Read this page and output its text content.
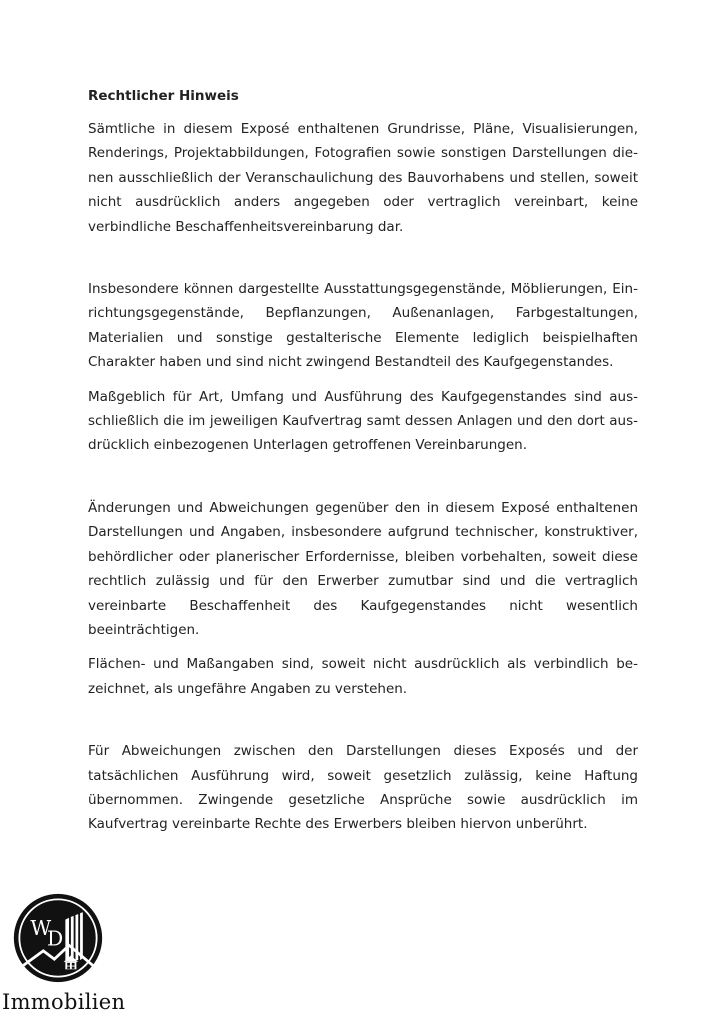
Rechtlicher Hinweis

Sämtliche in diesem Exposé enthaltenen Grundrisse, Pläne, Visualisierungen, Renderings, Projektabbildungen, Fotografien sowie sonstigen Darstellungen dienen ausschließlich der Veranschaulichung des Bauvorhabens und stellen, soweit nicht ausdrücklich anders angegeben oder vertraglich vereinbart, keine verbindliche Beschaffenheitsvereinbarung dar.

Insbesondere können dargestellte Ausstattungsgegenstände, Möblierungen, Einrichtungsgegenstände, Bepflanzungen, Außenanlagen, Farbgestaltungen, Materialien und sonstige gestalterische Elemente lediglich beispielhaften Charakter haben und sind nicht zwingend Bestandteil des Kaufgegenstandes.

Maßgeblich für Art, Umfang und Ausführung des Kaufgegenstandes sind ausschließlich die im jeweiligen Kaufvertrag samt dessen Anlagen und den dort ausdrücklich einbezogenen Unterlagen getroffenen Vereinbarungen.

Änderungen und Abweichungen gegenüber den in diesem Exposé enthaltenen Darstellungen und Angaben, insbesondere aufgrund technischer, konstruktiver, behördlicher oder planerischer Erfordernisse, bleiben vorbehalten, soweit diese rechtlich zulässig und für den Erwerber zumutbar sind und die vertraglich vereinbarte Beschaffenheit des Kaufgegenstandes nicht wesentlich beeinträchtigen.

Flächen- und Maßangaben sind, soweit nicht ausdrücklich als verbindlich bezeichnet, als ungefähre Angaben zu verstehen.

Für Abweichungen zwischen den Darstellungen dieses Exposés und der tatsächlichen Ausführung wird, soweit gesetzlich zulässig, keine Haftung übernommen. Zwingende gesetzliche Ansprüche sowie ausdrücklich im Kaufvertrag vereinbarte Rechte des Erwerbers bleiben hiervon unberührt.

W
D
Immobilien
